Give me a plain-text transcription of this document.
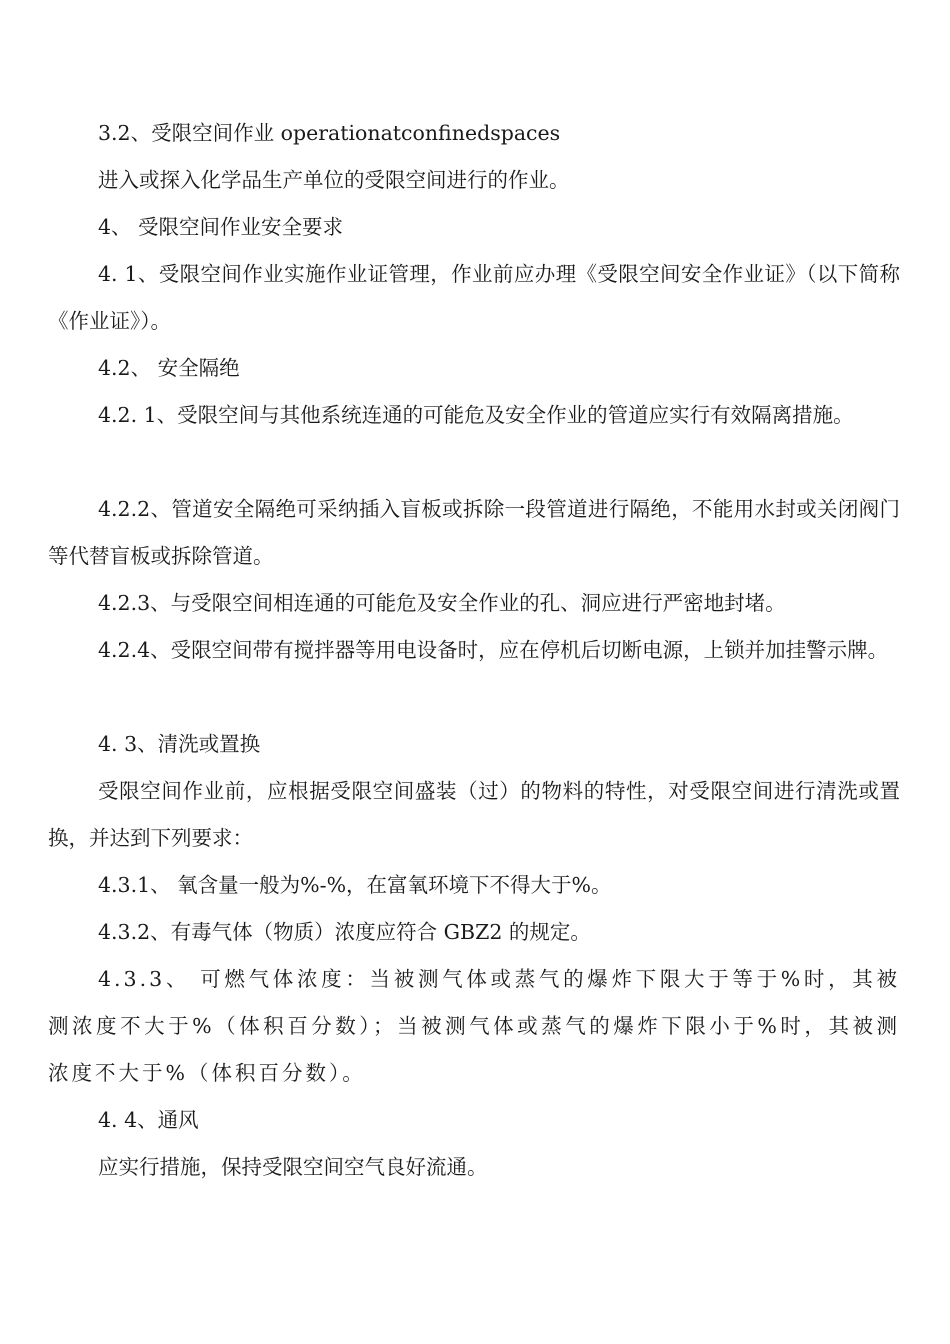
3.2、受限空间作业 operationatconfinedspaces
进入或探入化学品生产单位的受限空间进行的作业。
4、 受限空间作业安全要求
4. 1、受限空间作业实施作业证管理，作业前应办理《受限空间安全作业证》（以下简称《作业证》）。
4.2、 安全隔绝
4.2. 1、受限空间与其他系统连通的可能危及安全作业的管道应实行有效隔离措施。
4.2.2、管道安全隔绝可采纳插入盲板或拆除一段管道进行隔绝，不能用水封或关闭阀门等代替盲板或拆除管道。
4.2.3、与受限空间相连通的可能危及安全作业的孔、洞应进行严密地封堵。
4.2.4、受限空间带有搅拌器等用电设备时，应在停机后切断电源，上锁并加挂警示牌。
4. 3、清洗或置换
受限空间作业前，应根据受限空间盛装（过）的物料的特性，对受限空间进行清洗或置换，并达到下列要求：
4.3.1、 氧含量一般为%-%，在富氧环境下不得大于%。
4.3.2、有毒气体（物质）浓度应符合 GBZ2 的规定。
4.3.3、 可燃气体浓度：当被测气体或蒸气的爆炸下限大于等于%时，其被测浓度不大于%（体积百分数）；当被测气体或蒸气的爆炸下限小于%时，其被测浓度不大于%（体积百分数）。
4. 4、通风
应实行措施，保持受限空间空气良好流通。
